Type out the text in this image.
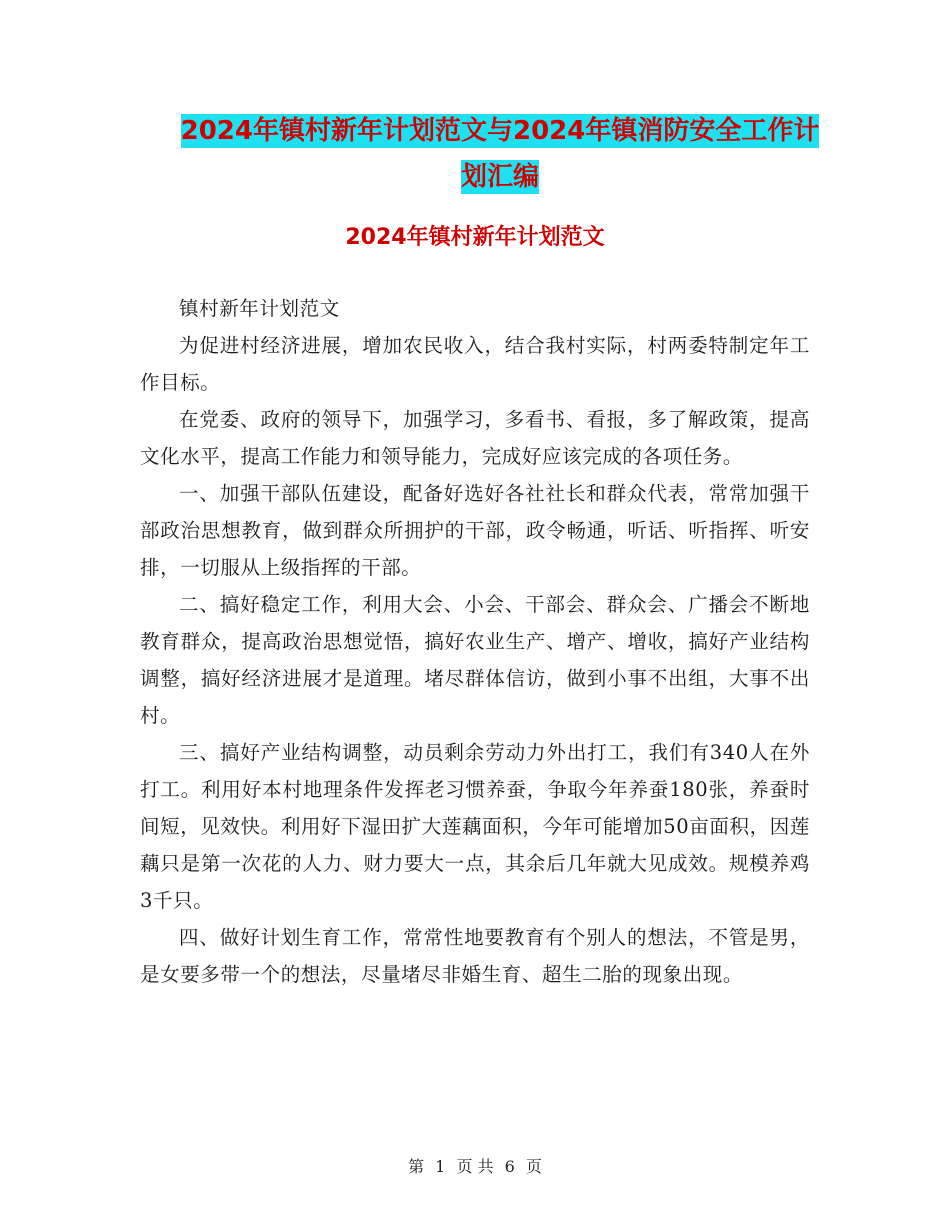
2024年镇村新年计划范文与2024年镇消防安全工作计
划汇编
2024年镇村新年计划范文

镇村新年计划范文

为促进村经济进展，增加农民收入，结合我村实际，村两委特制定年工作目标。

在党委、政府的领导下，加强学习，多看书、看报，多了解政策，提高文化水平，提高工作能力和领导能力，完成好应该完成的各项任务。

一、加强干部队伍建设，配备好选好各社社长和群众代表，常常加强干部政治思想教育，做到群众所拥护的干部，政令畅通，听话、听指挥、听安排，一切服从上级指挥的干部。

二、搞好稳定工作，利用大会、小会、干部会、群众会、广播会不断地教育群众，提高政治思想觉悟，搞好农业生产、增产、增收，搞好产业结构调整，搞好经济进展才是道理。堵尽群体信访，做到小事不出组，大事不出村。

三、搞好产业结构调整，动员剩余劳动力外出打工，我们有340人在外打工。利用好本村地理条件发挥老习惯养蚕，争取今年养蚕180张，养蚕时间短，见效快。利用好下湿田扩大莲藕面积，今年可能增加50亩面积，因莲藕只是第一次花的人力、财力要大一点，其余后几年就大见成效。规模养鸡3千只。

四、做好计划生育工作，常常性地要教育有个别人的想法，不管是男，是女要多带一个的想法，尽量堵尽非婚生育、超生二胎的现象出现。

第 1 页 共 6 页
